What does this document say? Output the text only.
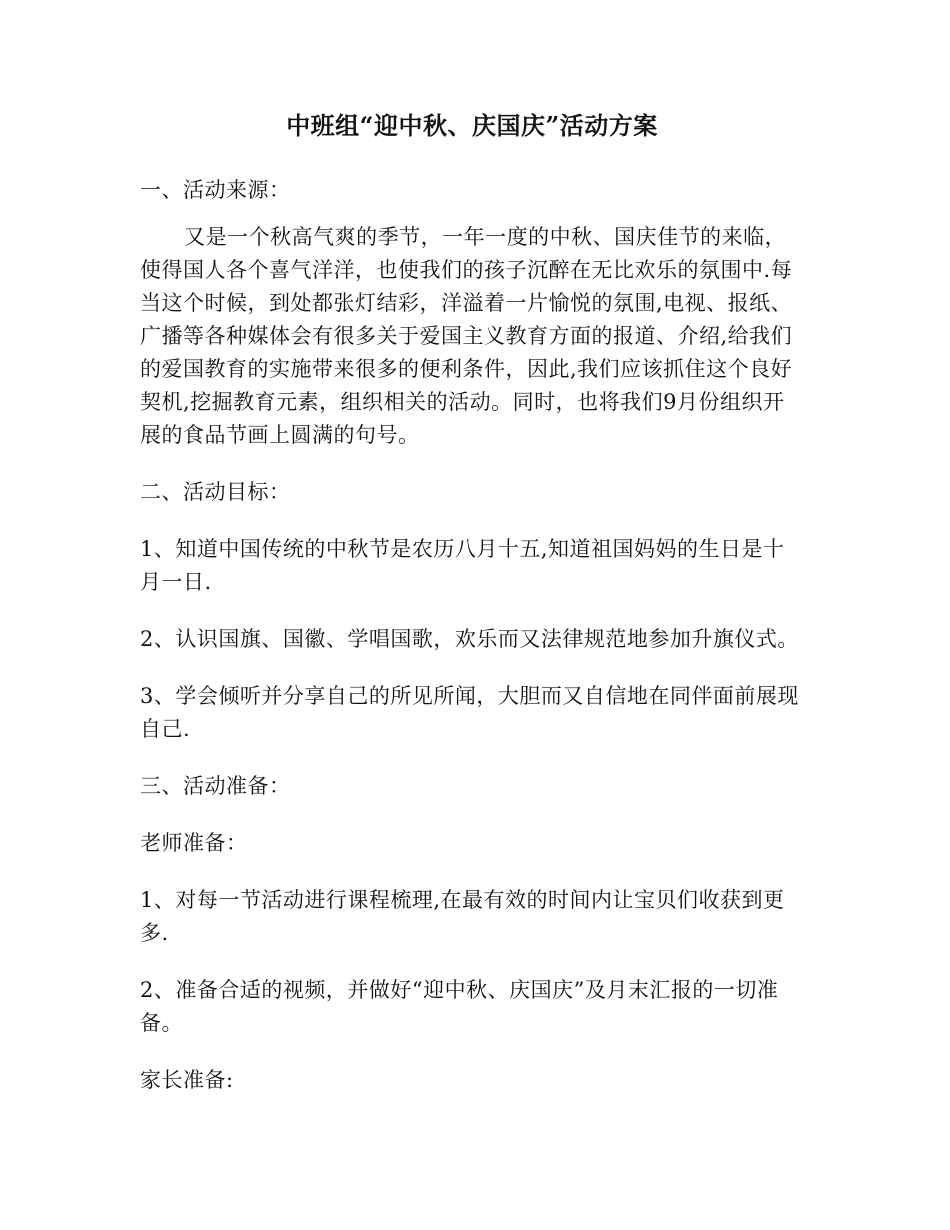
中班组“迎中秋、庆国庆”活动方案

一、活动来源：

又是一个秋高气爽的季节，一年一度的中秋、国庆佳节的来临，使得国人各个喜气洋洋，也使我们的孩子沉醉在无比欢乐的氛围中.每当这个时候，到处都张灯结彩，洋溢着一片愉悦的氛围,电视、报纸、广播等各种媒体会有很多关于爱国主义教育方面的报道、介绍,给我们的爱国教育的实施带来很多的便利条件，因此,我们应该抓住这个良好契机,挖掘教育元素，组织相关的活动。同时，也将我们9月份组织开展的食品节画上圆满的句号。

二、活动目标：

1、知道中国传统的中秋节是农历八月十五,知道祖国妈妈的生日是十月一日.

2、认识国旗、国徽、学唱国歌，欢乐而又法律规范地参加升旗仪式。

3、学会倾听并分享自己的所见所闻，大胆而又自信地在同伴面前展现自己.

三、活动准备：

老师准备：

1、对每一节活动进行课程梳理,在最有效的时间内让宝贝们收获到更多.

2、准备合适的视频，并做好“迎中秋、庆国庆”及月末汇报的一切准备。

家长准备:
